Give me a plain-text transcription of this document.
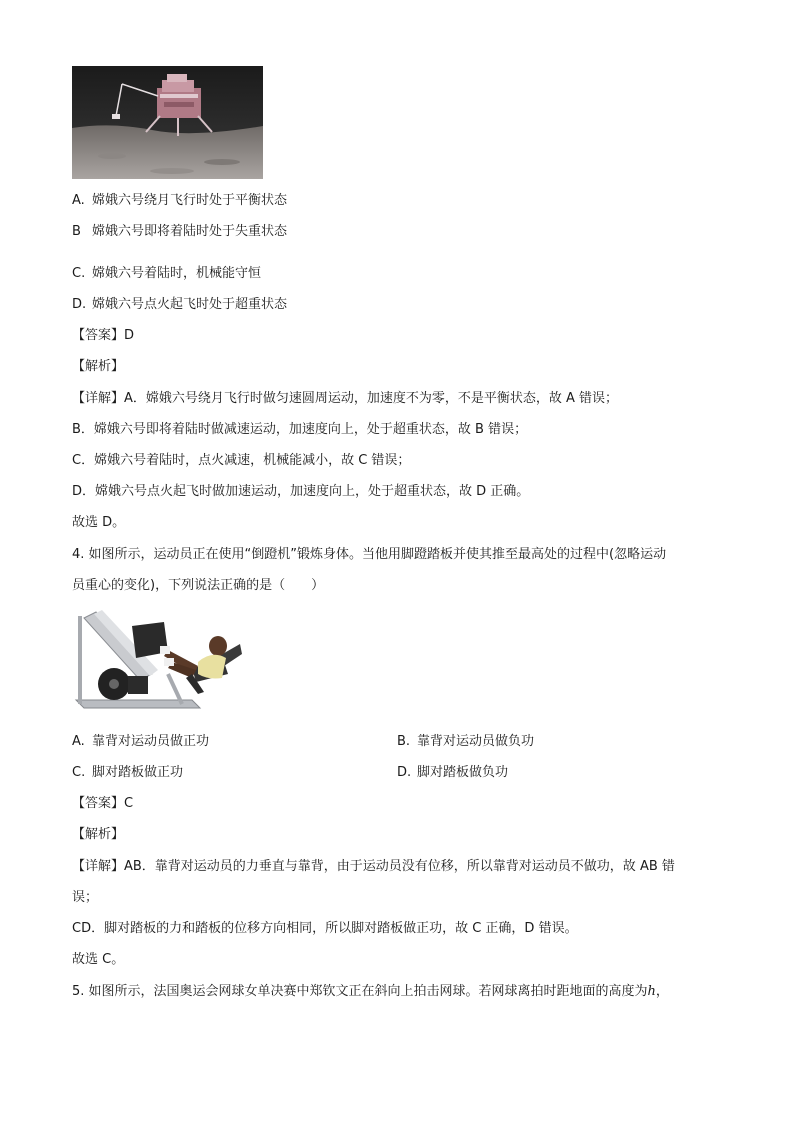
A. 嫦娥六号绕月飞行时处于平衡状态
B 嫦娥六号即将着陆时处于失重状态
C. 嫦娥六号着陆时，机械能守恒
D. 嫦娥六号点火起飞时处于超重状态
【答案】D
【解析】
【详解】A．嫦娥六号绕月飞行时做匀速圆周运动，加速度不为零，不是平衡状态，故 A 错误；
B．嫦娥六号即将着陆时做减速运动，加速度向上，处于超重状态，故 B 错误；
C．嫦娥六号着陆时，点火减速，机械能减小，故 C 错误；
D．嫦娥六号点火起飞时做加速运动，加速度向上，处于超重状态，故 D 正确。
故选 D。
4. 如图所示，运动员正在使用“倒蹬机”锻炼身体。当他用脚蹬踏板并使其推至最高处的过程中(忽略运动
员重心的变化)，下列说法正确的是（　　）
A. 靠背对运动员做正功	B. 靠背对运动员做负功
C. 脚对踏板做正功	D. 脚对踏板做负功
【答案】C
【解析】
【详解】AB．靠背对运动员的力垂直与靠背，由于运动员没有位移，所以靠背对运动员不做功，故 AB 错
误；
CD．脚对踏板的力和踏板的位移方向相同，所以脚对踏板做正功，故 C 正确，D 错误。
故选 C。
5. 如图所示，法国奥运会网球女单决赛中郑钦文正在斜向上拍击网球。若网球离拍时距地面的高度为h，
